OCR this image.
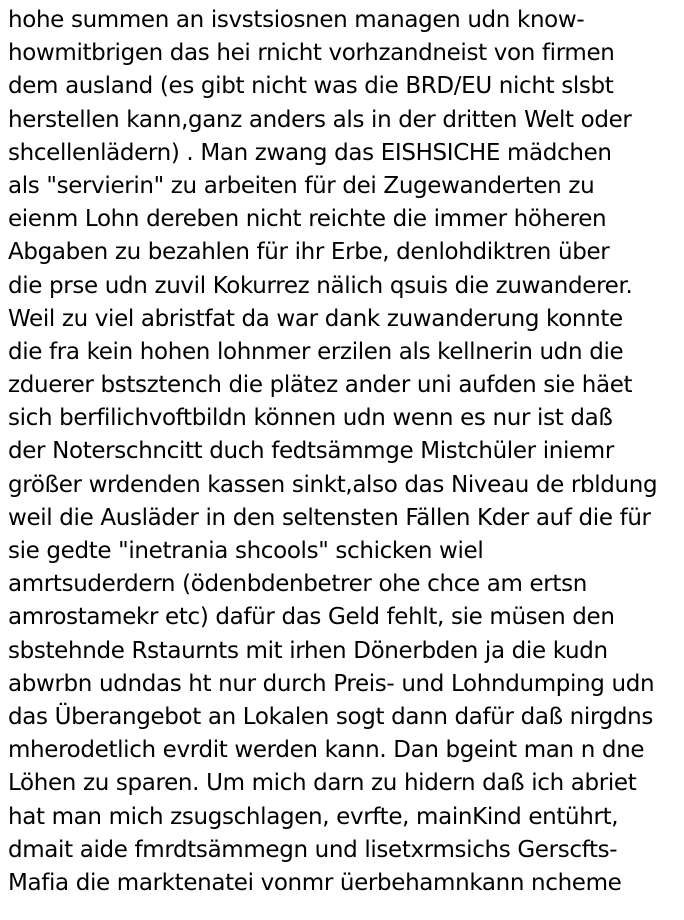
hohe summen an isvstsiosnen managen udn know-

howmitbrigen das hei rnicht vorhzandneist von firmen

dem ausland (es gibt nicht was die BRD/EU nicht slsbt

herstellen kann,ganz anders als in der dritten Welt oder

shcellenlädern) . Man zwang das EISHSICHE mädchen

als "servierin" zu arbeiten für dei Zugewanderten zu

eienm Lohn dereben nicht reichte die immer höheren

Abgaben zu bezahlen für ihr Erbe, denlohdiktren über

die prse udn zuvil Kokurrez nälich qsuis die zuwanderer.

Weil zu viel abristfat da war dank zuwanderung konnte

die fra kein hohen lohnmer erzilen als kellnerin udn die

zduerer bstsztench die plätez ander uni aufden sie häet

sich berfilichvoftbildn können udn wenn es nur ist daß

der Noterschncitt duch fedtsämmge Mistchüler iniemr

größer wrdenden kassen sinkt,also das Niveau de rbldung

weil die Ausläder in den seltensten Fällen Kder auf die für

sie gedte "inetrania shcools" schicken wiel

amrtsuderdern (ödenbdenbetrer ohe chce am ertsn

amrostamekr etc) dafür das Geld fehlt, sie müsen den

sbstehnde Rstaurnts mit irhen Dönerbden ja die kudn

abwrbn udndas ht nur durch Preis- und Lohndumping udn

das Überangebot an Lokalen sogt dann dafür daß nirgdns

mherodetlich evrdit werden kann. Dan bgeint man n dne

Löhen zu sparen. Um mich darn zu hidern daß ich abriet

hat man mich zsugschlagen, evrfte, mainKind entührt,

dmait aide fmrdtsämmegn und lisetxrmsichs Gerscfts-

Mafia die marktenatei vonmr üerbehamnkann ncheme
